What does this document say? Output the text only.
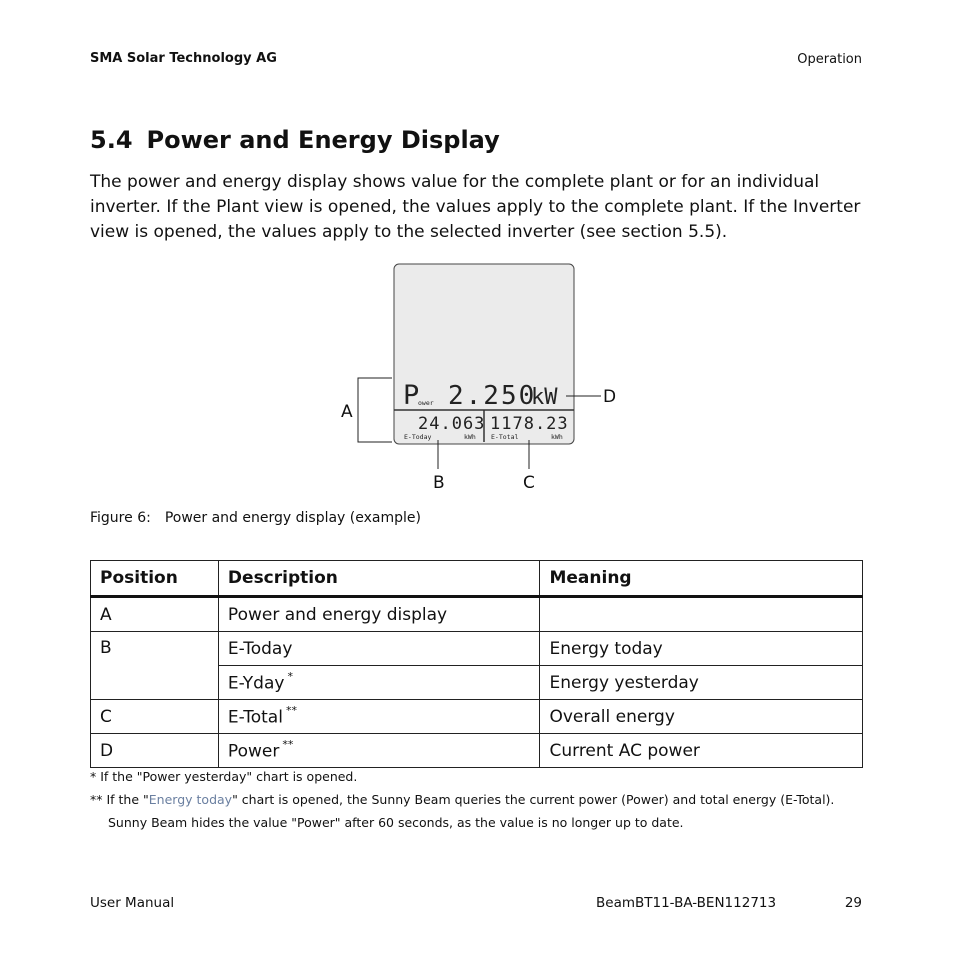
SMA Solar Technology AG	Operation
5.4 Power and Energy Display

The power and energy display shows value for the complete plant or for an individual inverter. If the Plant view is opened, the values apply to the complete plant. If the Inverter view is opened, the values apply to the selected inverter (see section 5.5).

P
ower 2.250
kW
24.063
E-Today	kWh
1178.23
E-Total	kWh
A
D
B	C
Figure 6: Power and energy display (example)
Position	Description	Meaning
A	Power and energy display	
B	E-Today	Energy today
	E-Yday *	Energy yesterday
C	E-Total **	Overall energy
D	Power **	Current AC power
* If the "Power yesterday" chart is opened.
** If the "Energy today" chart is opened, the Sunny Beam queries the current power (Power) and total energy (E-Total).
Sunny Beam hides the value "Power" after 60 seconds, as the value is no longer up to date.
User Manual	BeamBT11-BA-BEN112713	29
